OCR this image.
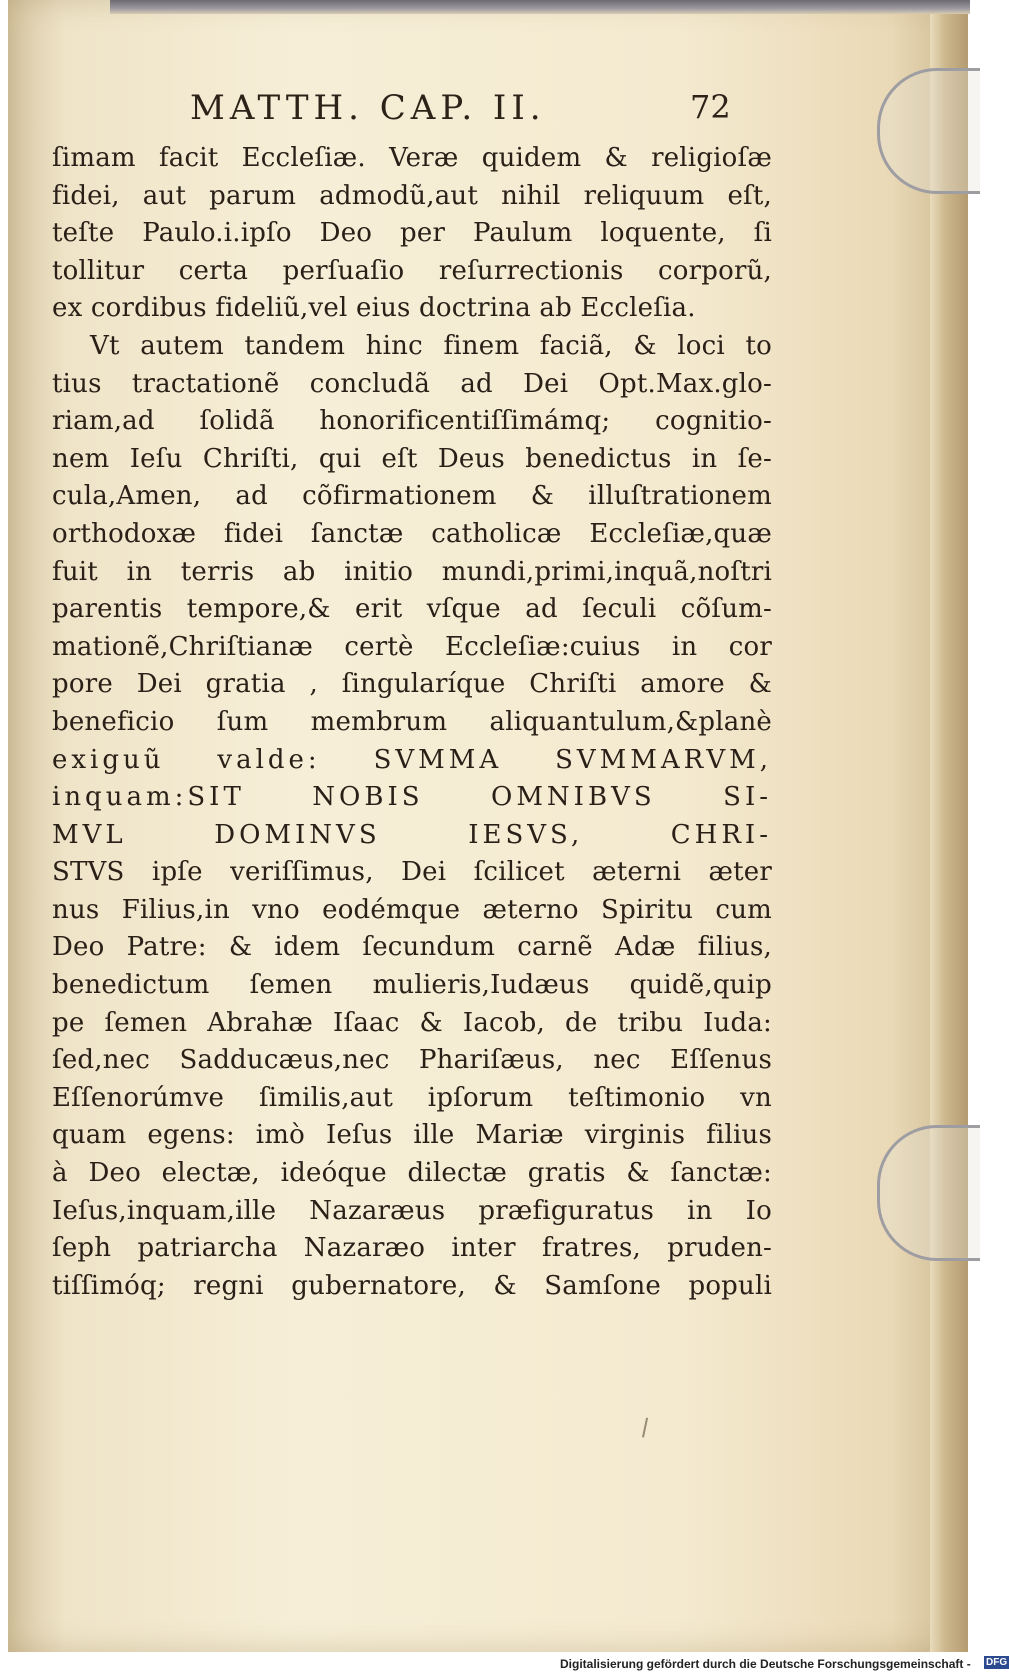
MATTH. CAP. II.	72
ſimam facit Eccleſiæ. Veræ quidem & religioſæ
fidei, aut parum admodũ,aut nihil reliquum eſt,
teſte Paulo.i.ipſo Deo per Paulum loquente, ſi
tollitur certa perſuaſio reſurrectionis corporũ,
ex cordibus fideliũ,vel eius doctrina ab Eccleſia.
Vt autem tandem hinc finem faciã, & loci to
tius tractationẽ concludã ad Dei Opt.Max.glo-
riam,ad ſolidã honorificentiſſimámq; cognitio-
nem Ieſu Chriſti, qui eſt Deus benedictus in ſe-
cula,Amen, ad cõfirmationem & illuſtrationem
orthodoxæ fidei ſanctæ catholicæ Eccleſiæ,quæ
fuit in terris ab initio mundi,primi,inquã,noſtri
parentis tempore,& erit vſque ad ſeculi cõſum-
mationẽ,Chriſtianæ certè Eccleſiæ:cuius in cor
pore Dei gratia , ſingularíque Chriſti amore &
beneficio ſum membrum aliquantulum,&planè
exiguũ valde: SVMMA SVMMARVM,
inquam:SIT NOBIS OMNIBVS SI-
MVL DOMINVS IESVS, CHRI-
STVS ipſe veriſſimus, Dei ſcilicet æterni æter
nus Filius,in vno eodémque æterno Spiritu cum
Deo Patre: & idem ſecundum carnẽ Adæ filius,
benedictum ſemen mulieris,Iudæus quidẽ,quip
pe ſemen Abrahæ Iſaac & Iacob, de tribu Iuda:
ſed,nec Sadducæus,nec Phariſæus, nec Eſſenus
Eſſenorúmve ſimilis,aut ipſorum teſtimonio vn
quam egens: imò Ieſus ille Mariæ virginis filius
à Deo electæ, ideóque dilectæ gratis & ſanctæ:
Ieſus,inquam,ille Nazaræus præfiguratus in Io
ſeph patriarcha Nazaræo inter fratres, pruden-
tiſſimóq; regni gubernatore, & Samſone populi
Digitalisierung gefördert durch die Deutsche Forschungsgemeinschaft - DFG
